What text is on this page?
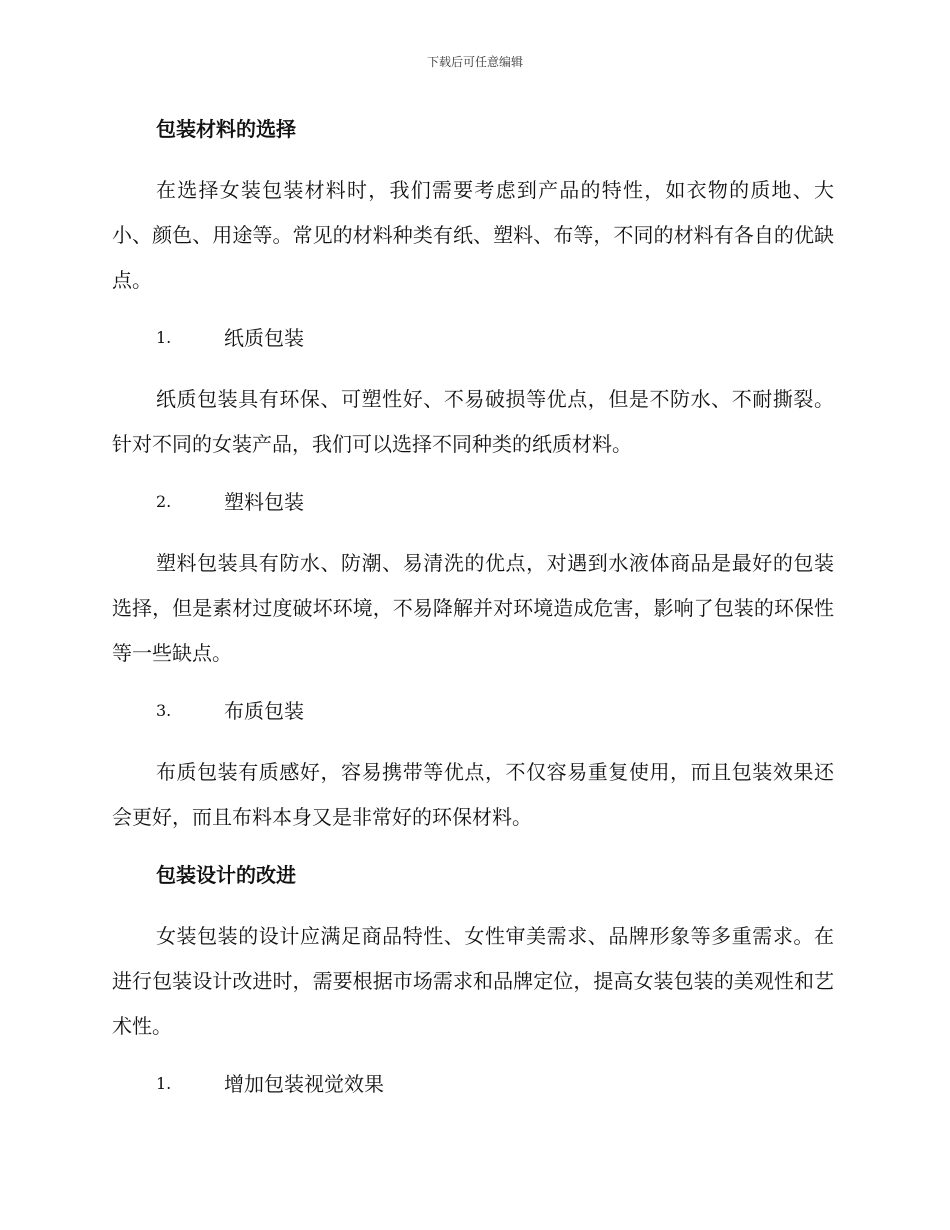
下载后可任意编辑
包装材料的选择

在选择女装包装材料时，我们需要考虑到产品的特性，如衣物的质地、大小、颜色、用途等。常见的材料种类有纸、塑料、布等，不同的材料有各自的优缺点。

1.	纸质包装

纸质包装具有环保、可塑性好、不易破损等优点，但是不防水、不耐撕裂。针对不同的女装产品，我们可以选择不同种类的纸质材料。

2.	塑料包装

塑料包装具有防水、防潮、易清洗的优点，对遇到水液体商品是最好的包装选择，但是素材过度破坏环境，不易降解并对环境造成危害，影响了包装的环保性等一些缺点。

3.	布质包装

布质包装有质感好，容易携带等优点，不仅容易重复使用，而且包装效果还会更好，而且布料本身又是非常好的环保材料。

包装设计的改进

女装包装的设计应满足商品特性、女性审美需求、品牌形象等多重需求。在进行包装设计改进时，需要根据市场需求和品牌定位，提高女装包装的美观性和艺术性。

1.	增加包装视觉效果
